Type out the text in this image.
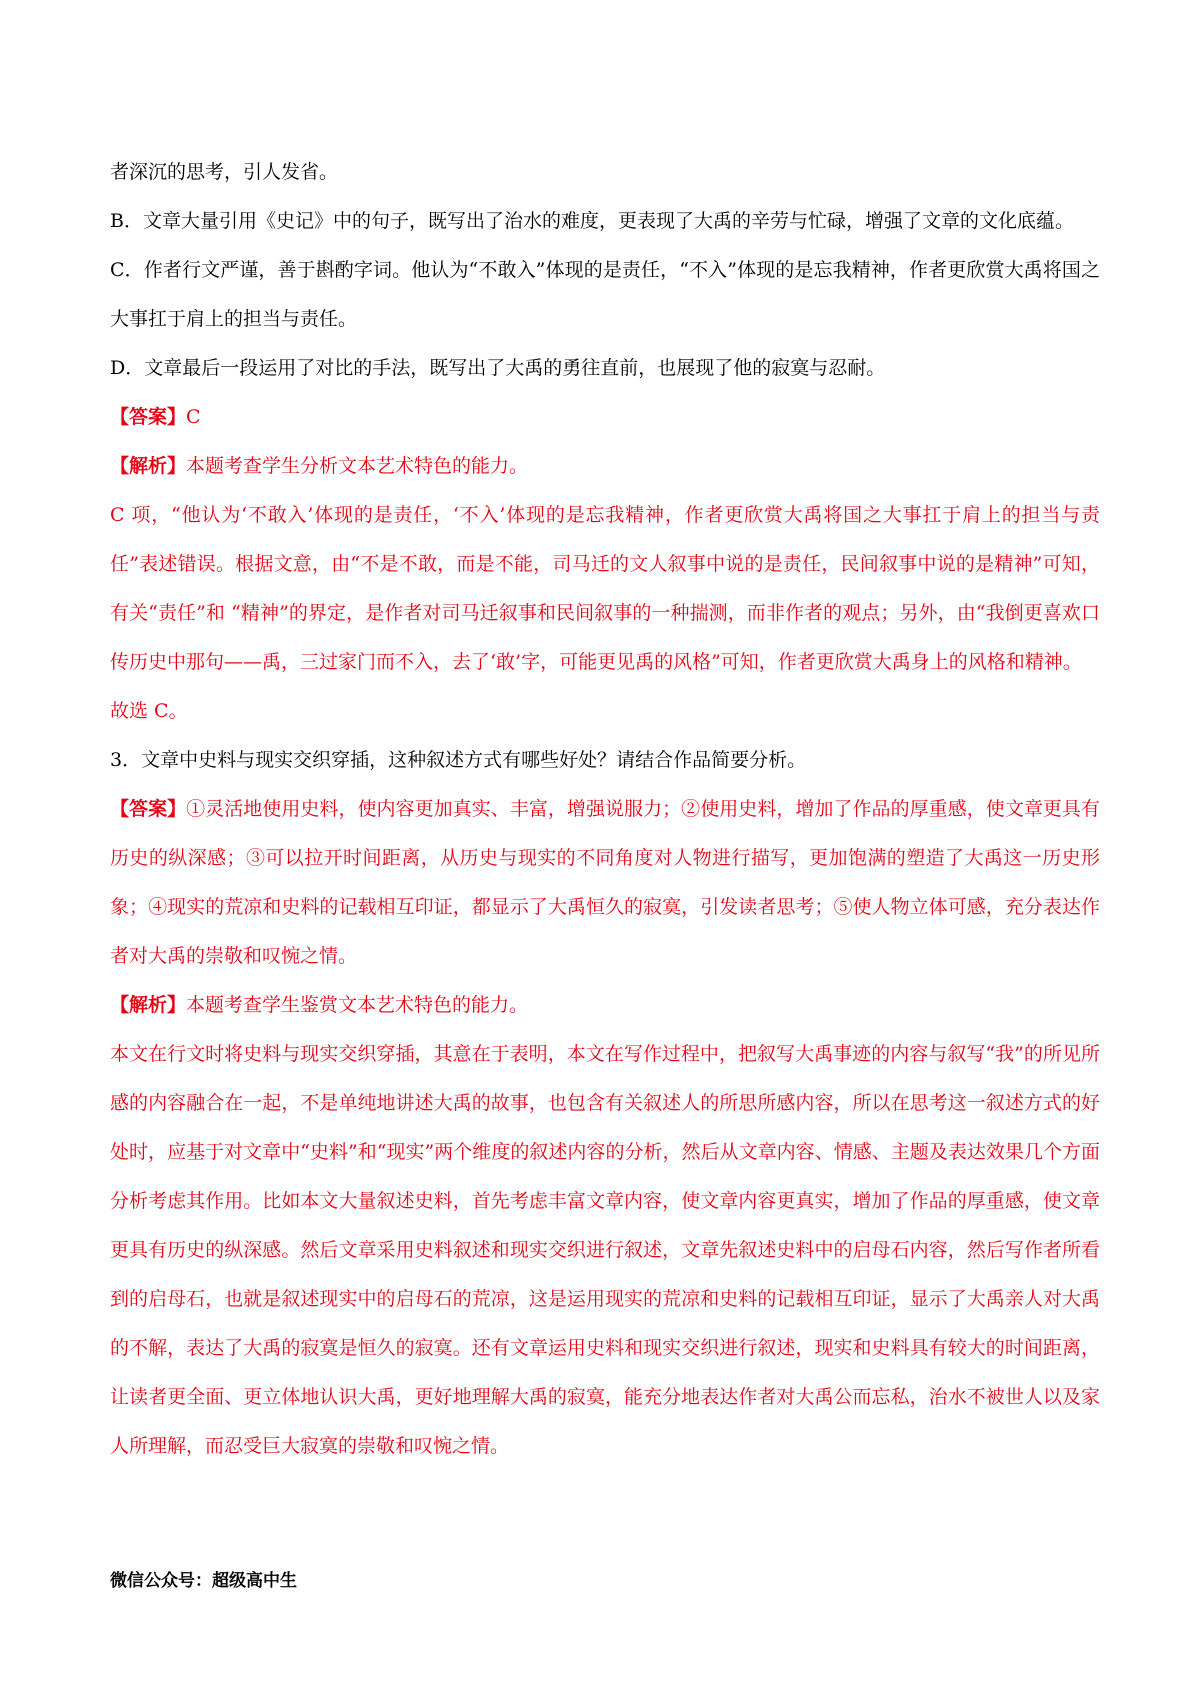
者深沉的思考，引人发省。

B．文章大量引用《史记》中的句子，既写出了治水的难度，更表现了大禹的辛劳与忙碌，增强了文章的文化底蕴。

C．作者行文严谨，善于斟酌字词。他认为“不敢入”体现的是责任，“不入”体现的是忘我精神，作者更欣赏大禹将国之大事扛于肩上的担当与责任。

D．文章最后一段运用了对比的手法，既写出了大禹的勇往直前，也展现了他的寂寞与忍耐。

【答案】C

【解析】本题考查学生分析文本艺术特色的能力。

C 项，“他认为‘不敢入’体现的是责任，‘不入’体现的是忘我精神，作者更欣赏大禹将国之大事扛于肩上的担当与责任”表述错误。根据文意，由“不是不敢，而是不能，司马迁的文人叙事中说的是责任，民间叙事中说的是精神”可知，有关“责任”和 “精神”的界定，是作者对司马迁叙事和民间叙事的一种揣测，而非作者的观点；另外，由“我倒更喜欢口传历史中那句——禹，三过家门而不入，去了‘敢’字，可能更见禹的风格”可知，作者更欣赏大禹身上的风格和精神。

故选 C。

3．文章中史料与现实交织穿插，这种叙述方式有哪些好处？请结合作品简要分析。

【答案】①灵活地使用史料，使内容更加真实、丰富，增强说服力；②使用史料，增加了作品的厚重感，使文章更具有历史的纵深感；③可以拉开时间距离，从历史与现实的不同角度对人物进行描写，更加饱满的塑造了大禹这一历史形象；④现实的荒凉和史料的记载相互印证，都显示了大禹恒久的寂寞，引发读者思考；⑤使人物立体可感，充分表达作者对大禹的崇敬和叹惋之情。

【解析】本题考查学生鉴赏文本艺术特色的能力。

本文在行文时将史料与现实交织穿插，其意在于表明，本文在写作过程中，把叙写大禹事迹的内容与叙写“我”的所见所感的内容融合在一起，不是单纯地讲述大禹的故事，也包含有关叙述人的所思所感内容，所以在思考这一叙述方式的好处时，应基于对文章中“史料”和“现实”两个维度的叙述内容的分析，然后从文章内容、情感、主题及表达效果几个方面分析考虑其作用。比如本文大量叙述史料，首先考虑丰富文章内容，使文章内容更真实，增加了作品的厚重感，使文章更具有历史的纵深感。然后文章采用史料叙述和现实交织进行叙述，文章先叙述史料中的启母石内容，然后写作者所看到的启母石，也就是叙述现实中的启母石的荒凉，这是运用现实的荒凉和史料的记载相互印证，显示了大禹亲人对大禹的不解，表达了大禹的寂寞是恒久的寂寞。还有文章运用史料和现实交织进行叙述，现实和史料具有较大的时间距离，让读者更全面、更立体地认识大禹，更好地理解大禹的寂寞，能充分地表达作者对大禹公而忘私，治水不被世人以及家人所理解，而忍受巨大寂寞的崇敬和叹惋之情。

微信公众号：超级高中生
